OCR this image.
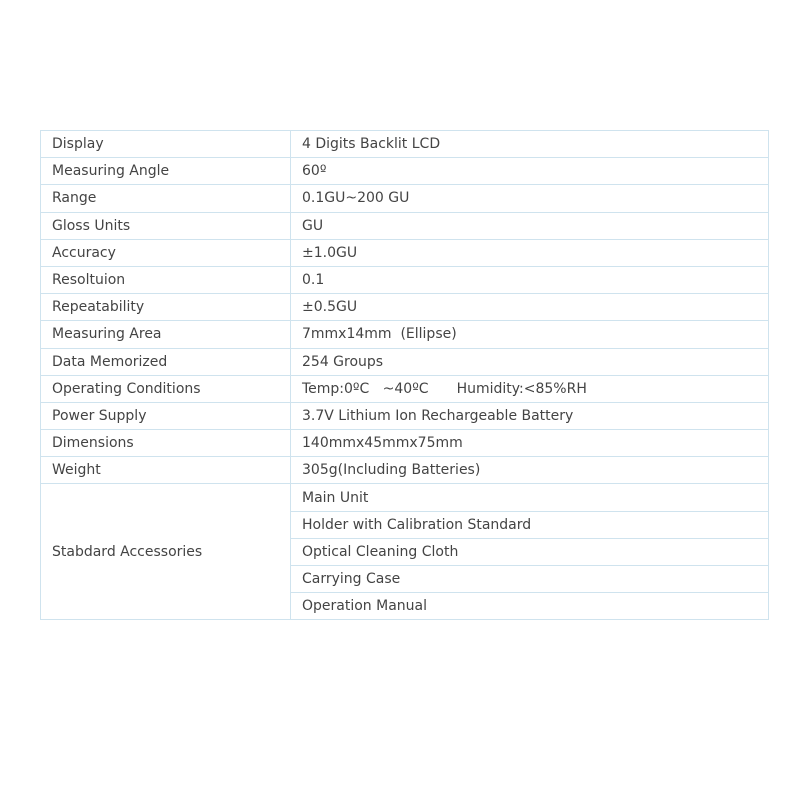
Display	4 Digits Backlit LCD
Measuring Angle	60º
Range	0.1GU~200 GU
Gloss Units	GU
Accuracy	±1.0GU
Resoltuion	0.1
Repeatability	±0.5GU
Measuring Area	7mmx14mm  (Ellipse)
Data Memorized	254 Groups
Operating Conditions	Temp:0ºC   ~40ºC Humidity:<85%RH
Power Supply	3.7V Lithium Ion Rechargeable Battery
Dimensions	140mmx45mmx75mm
Weight	305g(Including Batteries)
Stabdard Accessories	Main Unit
	Holder with Calibration Standard
	Optical Cleaning Cloth
	Carrying Case
	Operation Manual
